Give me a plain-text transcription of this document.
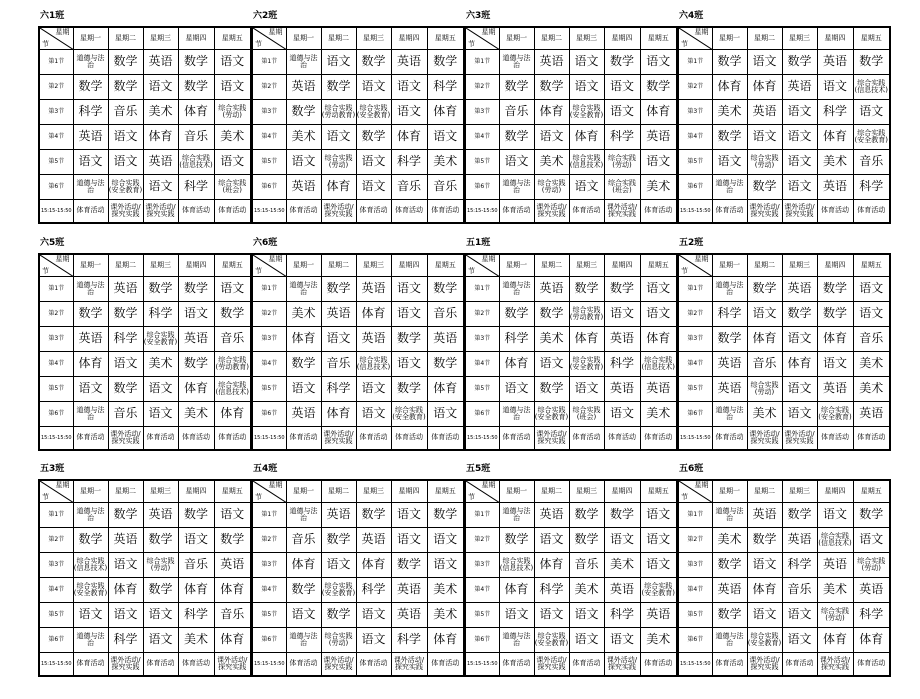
六1班
星期
节	星期一	星期二	星期三	星期四	星期五
第1节	道德与法治	数学	英语	数学	语文
第2节	数学	数学	语文	数学	语文
第3节	科学	音乐	美术	体育	综合实践(劳动)
第4节	英语	语文	体育	音乐	美术
第5节	语文	语文	英语	综合实践(信息技术)	语文
第6节	道德与法治	综合实践(安全教育)	语文	科学	综合实践(班会)
15:15-15:50	体育活动	课外活动/探究实践	课外活动/探究实践	体育活动	体育活动
六2班
星期
节	星期一	星期二	星期三	星期四	星期五
第1节	道德与法治	语文	数学	英语	数学
第2节	英语	数学	语文	语文	科学
第3节	数学	综合实践(劳动教育)	综合实践(安全教育)	语文	体育
第4节	美术	语文	数学	体育	语文
第5节	语文	综合实践(劳动)	语文	科学	美术
第6节	英语	体育	语文	音乐	音乐
15:15-15:50	体育活动	课外活动/探究实践	体育活动	体育活动	体育活动
六3班
星期
节	星期一	星期二	星期三	星期四	星期五
第1节	道德与法治	英语	语文	数学	语文
第2节	数学	数学	语文	语文	数学
第3节	音乐	体育	综合实践(安全教育)	语文	体育
第4节	数学	语文	体育	科学	英语
第5节	语文	美术	综合实践(信息技术)	综合实践(劳动)	语文
第6节	道德与法治	综合实践(劳动)	语文	综合实践(班会)	美术
15:15-15:50	体育活动	课外活动/探究实践	体育活动	课外活动/探究实践	体育活动
六4班
星期
节	星期一	星期二	星期三	星期四	星期五
第1节	数学	语文	数学	英语	数学
第2节	体育	体育	英语	语文	综合实践(信息技术)
第3节	美术	英语	语文	科学	语文
第4节	数学	语文	语文	体育	综合实践(安全教育)
第5节	语文	综合实践(劳动)	语文	美术	音乐
第6节	道德与法治	数学	语文	英语	科学
15:15-15:50	体育活动	课外活动/探究实践	课外活动/探究实践	体育活动	体育活动
六5班
星期
节	星期一	星期二	星期三	星期四	星期五
第1节	道德与法治	英语	数学	数学	语文
第2节	数学	数学	科学	语文	数学
第3节	英语	科学	综合实践(安全教育)	英语	音乐
第4节	体育	语文	美术	数学	综合实践(劳动教育)
第5节	语文	数学	语文	体育	综合实践(信息技术)
第6节	道德与法治	音乐	语文	美术	体育
15:15-15:50	体育活动	课外活动/探究实践	体育活动	体育活动	体育活动
六6班
星期
节	星期一	星期二	星期三	星期四	星期五
第1节	道德与法治	数学	英语	语文	数学
第2节	美术	英语	体育	语文	音乐
第3节	体育	语文	英语	数学	英语
第4节	数学	音乐	综合实践(信息技术)	语文	数学
第5节	语文	科学	语文	数学	体育
第6节	英语	体育	语文	综合实践(安全教育)	语文
15:15-15:50	体育活动	课外活动/探究实践	体育活动	体育活动	体育活动
五1班
星期
节	星期一	星期二	星期三	星期四	星期五
第1节	道德与法治	英语	数学	数学	语文
第2节	数学	数学	综合实践(劳动教育)	语文	语文
第3节	科学	美术	体育	英语	体育
第4节	体育	语文	综合实践(安全教育)	科学	综合实践(信息技术)
第5节	语文	数学	语文	英语	英语
第6节	道德与法治	综合实践(安全教育)	综合实践(班会)	语文	美术
15:15-15:50	体育活动	课外活动/探究实践	体育活动	体育活动	体育活动
五2班
星期
节	星期一	星期二	星期三	星期四	星期五
第1节	道德与法治	数学	英语	数学	语文
第2节	科学	语文	数学	数学	语文
第3节	数学	体育	语文	体育	音乐
第4节	英语	音乐	体育	语文	美术
第5节	英语	综合实践(劳动)	语文	英语	美术
第6节	道德与法治	美术	语文	综合实践(安全教育)	英语
15:15-15:50	体育活动	课外活动/探究实践	课外活动/探究实践	体育活动	体育活动
五3班
星期
节	星期一	星期二	星期三	星期四	星期五
第1节	道德与法治	数学	英语	数学	语文
第2节	数学	英语	数学	语文	数学
第3节	综合实践(信息技术)	语文	综合实践(劳动)	音乐	英语
第4节	综合实践(安全教育)	体育	数学	体育	体育
第5节	语文	语文	语文	科学	音乐
第6节	道德与法治	科学	语文	美术	体育
15:15-15:50	体育活动	课外活动/探究实践	体育活动	体育活动	课外活动/探究实践
五4班
星期
节	星期一	星期二	星期三	星期四	星期五
第1节	道德与法治	英语	数学	语文	数学
第2节	音乐	数学	英语	语文	语文
第3节	体育	语文	体育	数学	语文
第4节	数学	综合实践(安全教育)	科学	英语	美术
第5节	语文	数学	语文	英语	美术
第6节	道德与法治	综合实践(劳动)	语文	科学	体育
15:15-15:50	体育活动	课外活动/探究实践	体育活动	课外活动/探究实践	体育活动
五5班
星期
节	星期一	星期二	星期三	星期四	星期五
第1节	道德与法治	英语	数学	数学	语文
第2节	数学	语文	数学	语文	语文
第3节	综合实践(信息技术)	体育	音乐	美术	语文
第4节	体育	科学	美术	英语	综合实践(安全教育)
第5节	语文	语文	语文	科学	英语
第6节	道德与法治	综合实践(安全教育)	语文	语文	美术
15:15-15:50	体育活动	课外活动/探究实践	体育活动	课外活动/探究实践	体育活动
五6班
星期
节	星期一	星期二	星期三	星期四	星期五
第1节	道德与法治	英语	数学	语文	数学
第2节	美术	数学	英语	综合实践(信息技术)	语文
第3节	数学	语文	科学	英语	综合实践(劳动)
第4节	英语	体育	音乐	美术	英语
第5节	数学	语文	语文	综合实践(劳动)	科学
第6节	道德与法治	综合实践(安全教育)	语文	体育	体育
15:15-15:50	体育活动	课外活动/探究实践	体育活动	课外活动/探究实践	体育活动
